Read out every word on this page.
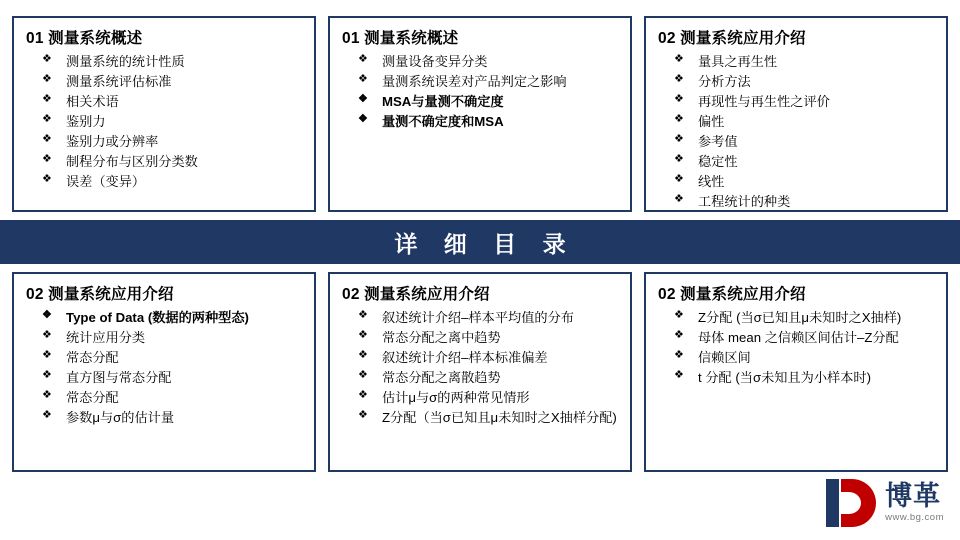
01 测量系统概述
❖ 测量系统的统计性质
❖ 测量系统评估标准
❖ 相关术语
❖ 鉴别力
❖ 鉴别力或分辨率
❖ 制程分布与区别分类数
❖ 误差（变异）
01 测量系统概述
❖ 测量设备变异分类
❖ 量测系统误差对产品判定之影响
❖ MSA与量测不确定度
❖ 量测不确定度和MSA
02 测量系统应用介绍
❖ 量具之再生性
❖ 分析方法
❖ 再现性与再生性之评价
❖ 偏性
❖ 参考值
❖ 稳定性
❖ 线性
❖ 工程统计的种类
详 细 目 录
02 测量系统应用介绍
❖ Type of Data (数据的两种型态)
❖ 统计应用分类
❖ 常态分配
❖ 直方图与常态分配
❖ 常态分配
❖ 参数μ与σ的估计量
02 测量系统应用介绍
❖ 叙述统计介绍–样本平均值的分布
❖ 常态分配之离中趋势
❖ 叙述统计介绍–样本标准偏差
❖ 常态分配之离散趋势
❖ 估计μ与σ的两种常见情形
❖ Z分配（当σ已知且μ未知时之X抽样分配)
02 测量系统应用介绍
❖ Z分配 (当σ已知且μ未知时之X抽样)
❖ 母体 mean 之信赖区间估计–Z分配
❖ 信赖区间
❖ t 分配 (当σ未知且为小样本时)
博革
www.bg.com
